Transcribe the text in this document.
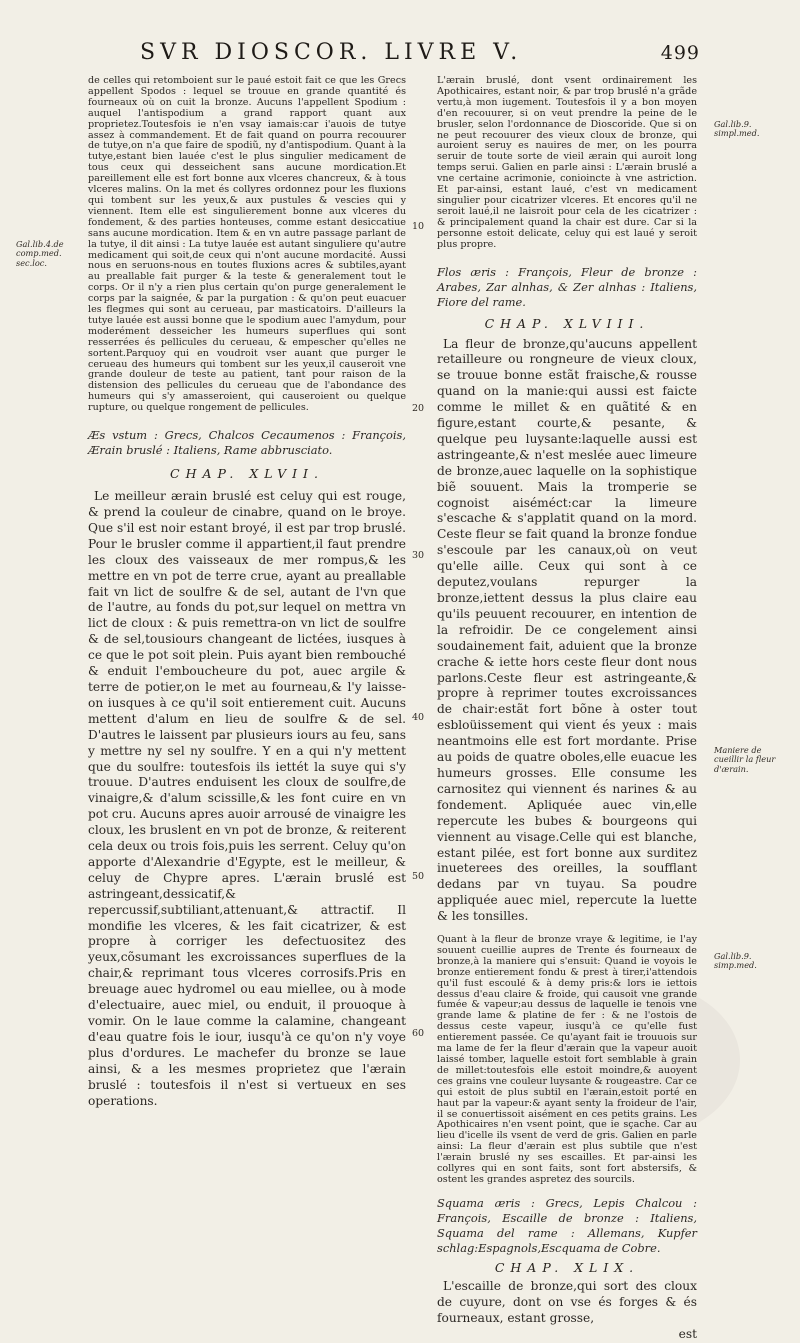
SVR DIOSCOR. LIVRE V.	499

de celles qui retomboient sur le paué estoit fait ce que les Grecs appellent Spodos : lequel se trouue en grande quantité és fourneaux où on cuit la bronze. Aucuns l'appellent Spodium : auquel l'antispodium a grand rapport quant aux proprietez.Toutesfois ie n'en vsay iamais:car i'auois de tutye assez à commandement. Et de fait quand on pourra recouurer de tutye,on n'a que faire de spodiũ, ny d'antispodium. Quant à la tutye,estant bien lauée c'est le plus singulier medicament de tous ceux qui desseichent sans aucune mordication.Et pareillement elle est fort bonne aux vlceres chancreux, & à tous vlceres malins. On la met és collyres ordonnez pour les fluxions qui tombent sur les yeux,& aux pustules & vescies qui y viennent. Item elle est singulierement bonne aux vlceres du fondement, & des parties honteuses, comme estant desiccatiue sans aucune mordication. Item & en vn autre passage parlant de la tutye, il dit ainsi : La tutye lauée est autant singuliere qu'autre medicament qui soit,de ceux qui n'ont aucune mordacité. Aussi nous en seruons-nous en toutes fluxions acres & subtiles,ayant au preallable fait purger & la teste & generalement tout le corps. Or il n'y a rien plus certain qu'on purge generalement le corps par la saignée, & par la purgation : & qu'on peut euacuer les flegmes qui sont au cerueau, par masticatoirs. D'ailleurs la tutye lauée est aussi bonne que le spodium auec l'amydum, pour moderément desseicher les humeurs superflues qui sont resserrées és pellicules du cerueau, & empescher qu'elles ne sortent.Parquoy qui en voudroit vser auant que purger le cerueau des humeurs qui tombent sur les yeux,il causeroit vne grande douleur de teste au patient, tant pour raison de la distension des pellicules du cerueau que de l'abondance des humeurs qui s'y amasseroient, qui causeroient ou quelque rupture, ou quelque rongement de pellicules.

Æs vstum : Grecs, Chalcos Cecaumenos : François, Ærain bruslé : Italiens, Rame abbrusciato.

CHAP. XLVII.

Le meilleur ærain bruslé est celuy qui est rouge, & prend la couleur de cinabre, quand on le broye. Que s'il est noir estant broyé, il est par trop bruslé. Pour le brusler comme il appartient,il faut prendre les cloux des vaisseaux de mer rompus,& les mettre en vn pot de terre crue, ayant au preallable fait vn lict de soulfre & de sel, autant de l'vn que de l'autre, au fonds du pot,sur lequel on mettra vn lict de cloux : & puis remettra-on vn lict de soulfre & de sel,tousiours changeant de lictées, iusques à ce que le pot soit plein. Puis ayant bien rembouché & enduit l'emboucheure du pot, auec argile & terre de potier,on le met au fourneau,& l'y laisse-on iusques à ce qu'il soit entierement cuit. Aucuns mettent d'alum en lieu de soulfre & de sel. D'autres le laissent par plusieurs iours au feu, sans y mettre ny sel ny soulfre. Y en a qui n'y mettent que du soulfre: toutesfois ils iettét la suye qui s'y trouue. D'autres enduisent les cloux de soulfre,de vinaigre,& d'alum scissille,& les font cuire en vn pot cru. Aucuns apres auoir arrousé de vinaigre les cloux, les bruslent en vn pot de bronze, & reiterent cela deux ou trois fois,puis les serrent. Celuy qu'on apporte d'Alexandrie d'Egypte, est le meilleur, & celuy de Chypre apres. L'ærain bruslé est astringeant,dessicatif,& repercussif,subtiliant,attenuant,& attractif. Il mondifie les vlceres, & les fait cicatrizer, & est propre à corriger les defectuositez des yeux,cõsumant les excroissances superflues de la chair,& reprimant tous vlceres corrosifs.Pris en breuage auec hydromel ou eau miellee, ou à mode d'electuaire, auec miel, ou enduit, il prouoque à vomir. On le laue comme la calamine, changeant d'eau quatre fois le iour, iusqu'à ce qu'on n'y voye plus d'ordures. Le machefer du bronze se laue ainsi, & a les mesmes proprietez que l'ærain bruslé : toutesfois il n'est si vertueux en ses operations.

L'ærain bruslé, dont vsent ordinairement les Apothicaires, estant noir, & par trop bruslé n'a grãde vertu,à mon iugement. Toutesfois il y a bon moyen d'en recouurer, si on veut prendre la peine de le brusler, selon l'ordonnance de Dioscoride. Que si on ne peut recouurer des vieux cloux de bronze, qui auroient seruy es nauires de mer, on les pourra seruir de toute sorte de vieil ærain qui auroit long temps serui. Galien en parle ainsi : L'ærain bruslé a vne certaine acrimonie, conioincte à vne astriction. Et par-ainsi, estant laué, c'est vn medicament singulier pour cicatrizer vlceres. Et encores qu'il ne seroit laué,il ne laisroit pour cela de les cicatrizer : & principalement quand la chair est dure. Car si la personne estoit delicate, celuy qui est laué y seroit plus propre.

Flos æris : François, Fleur de bronze : Arabes, Zar alnhas, & Zer alnhas : Italiens, Fiore del rame.

CHAP. XLVIII.

La fleur de bronze,qu'aucuns appellent retailleure ou rongneure de vieux cloux, se trouue bonne estãt fraische,& rousse quand on la manie:qui aussi est faicte comme le millet & en quãtité & en figure,estant courte,& pesante, & quelque peu luysante:laquelle aussi est astringeante,& n'est meslée auec limeure de bronze,auec laquelle on la sophistique biẽ souuent. Mais la tromperie se cognoist aiséméct:car la limeure s'escache & s'applatit quand on la mord. Ceste fleur se fait quand la bronze fondue s'escoule par les canaux,où on veut qu'elle aille. Ceux qui sont à ce deputez,voulans repurger la bronze,iettent dessus la plus claire eau qu'ils peuuent recouurer, en intention de la refroidir. De ce congelement ainsi soudainement fait, aduient que la bronze crache & iette hors ceste fleur dont nous parlons.Ceste fleur est astringeante,& propre à reprimer toutes excroissances de chair:estãt fort bõne à oster tout esbloüissement qui vient és yeux : mais neantmoins elle est fort mordante. Prise au poids de quatre oboles,elle euacue les humeurs grosses. Elle consume les carnositez qui viennent és narines & au fondement. Apliquée auec vin,elle repercute les bubes & bourgeons qui viennent au visage.Celle qui est blanche, estant pilée, est fort bonne aux surditez inueterees des oreilles, la soufflant dedans par vn tuyau. Sa poudre appliquée auec miel, repercute la luette & les tonsilles.

Quant à la fleur de bronze vraye & legitime, ie l'ay souuent cueillie aupres de Trente és fourneaux de bronze,à la maniere qui s'ensuit: Quand ie voyois le bronze entierement fondu & prest à tirer,i'attendois qu'il fust escoulé & à demy pris:& lors ie iettois dessus d'eau claire & froide, qui causoit vne grande fumée & vapeur;au dessus de laquelle ie tenois vne grande lame & platine de fer : & ne l'ostois de dessus ceste vapeur, iusqu'à ce qu'elle fust entierement passée. Ce qu'ayant fait ie trouuois sur ma lame de fer la fleur d'ærain que la vapeur auoit laissé tomber, laquelle estoit fort semblable à grain de millet:toutesfois elle estoit moindre,& auoyent ces grains vne couleur luysante & rougeastre. Car ce qui estoit de plus subtil en l'ærain,estoit porté en haut par la vapeur:& ayant senty la froideur de l'air, il se conuertissoit aisément en ces petits grains. Les Apothicaires n'en vsent point, que ie sçache. Car au lieu d'icelle ils vsent de verd de gris. Galien en parle ainsi: La fleur d'ærain est plus subtile que n'est l'ærain bruslé ny ses escailles. Et par-ainsi les collyres qui en sont faits, sont fort abstersifs, & ostent les grandes aspretez des sourcils.

Squama æris : Grecs, Lepis Chalcou : François, Escaille de bronze : Italiens, Squama del rame : Allemans, Kupfer schlag:Espagnols,Escquama de Cobre.

CHAP. XLIX.

L'escaille de bronze,qui sort des cloux de cuyure, dont on vse és forges & és fourneaux, estant grosse,

est
Gal.lib.4.de comp.med. sec.loc.
Gal.lib.9. simpl.med.
Maniere de cueillir la fleur d'ærain.
Gal.lib.9. simp.med.
10
20
30
40
50
60
